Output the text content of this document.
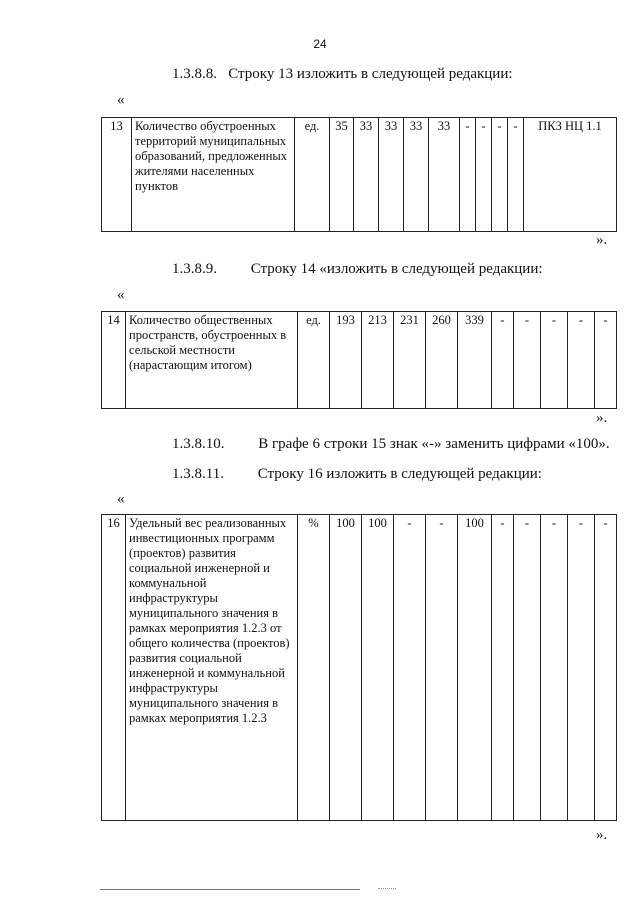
24
1.3.8.8. Строку 13 изложить в следующей редакции:
«
13	Количество обустроенных территорий муниципальных образований, предложенных жителями населенных пунктов	ед.	35	33	33	33	33	-	-	-	-	ПКЗ НЦ 1.1
».
1.3.8.9. Строку 14 «изложить в следующей редакции:
«
14	Количество общественных пространств, обустроенных в сельской местности (нарастающим итогом)	ед.	193	213	231	260	339	-	-	-	-	-
».
1.3.8.10. В графе 6 строки 15 знак «-» заменить цифрами «100».
1.3.8.11. Строку 16 изложить в следующей редакции:
«
16	Удельный вес реализованных инвестиционных программ (проектов) развития социальной инженерной и коммунальной инфраструктуры муниципального значения в рамках мероприятия 1.2.3 от общего количества (проектов) развития социальной инженерной и коммунальной инфраструктуры муниципального значения в рамках мероприятия 1.2.3	%	100	100	-	-	100	-	-	-	-	-
».
